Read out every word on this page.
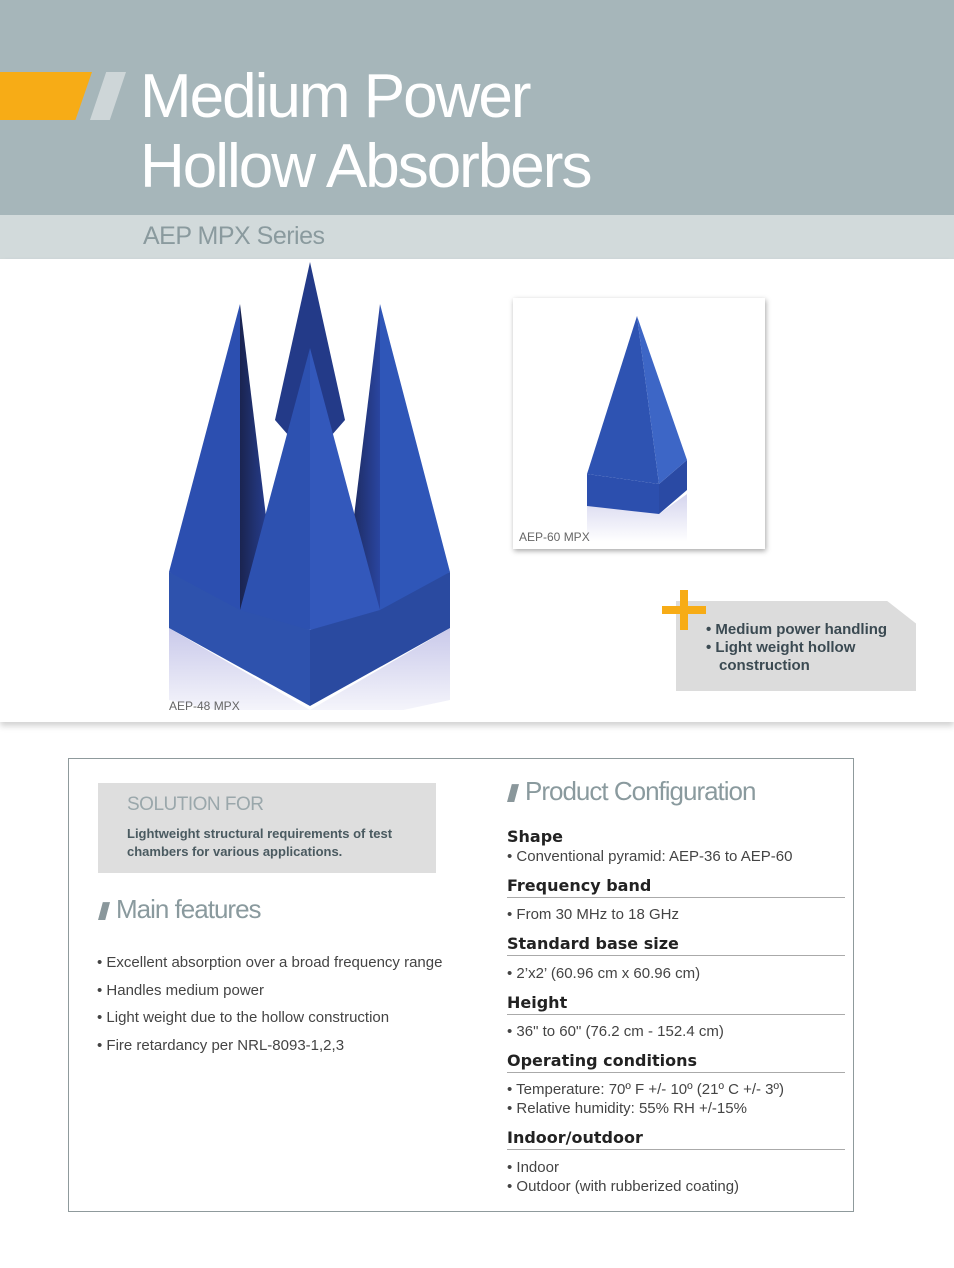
Medium Power
Hollow Absorbers
AEP MPX Series
AEP-48 MPX
AEP-60 MPX
• Medium power handling
• Light weight hollow construction
SOLUTION FOR
Lightweight structural requirements of test chambers for various applications.
Main features
• Excellent absorption over a broad frequency range
• Handles medium power
• Light weight due to the hollow construction
• Fire retardancy per NRL-8093-1,2,3
Product Configuration
Shape
• Conventional pyramid: AEP-36 to AEP-60
Frequency band
• From 30 MHz to 18 GHz
Standard base size
• 2’x2’ (60.96 cm x 60.96 cm)
Height
• 36" to 60" (76.2 cm - 152.4 cm)
Operating conditions
• Temperature: 70º F +/- 10º (21º C +/- 3º)
• Relative humidity: 55% RH +/-15%
Indoor/outdoor
• Indoor
• Outdoor (with rubberized coating)
